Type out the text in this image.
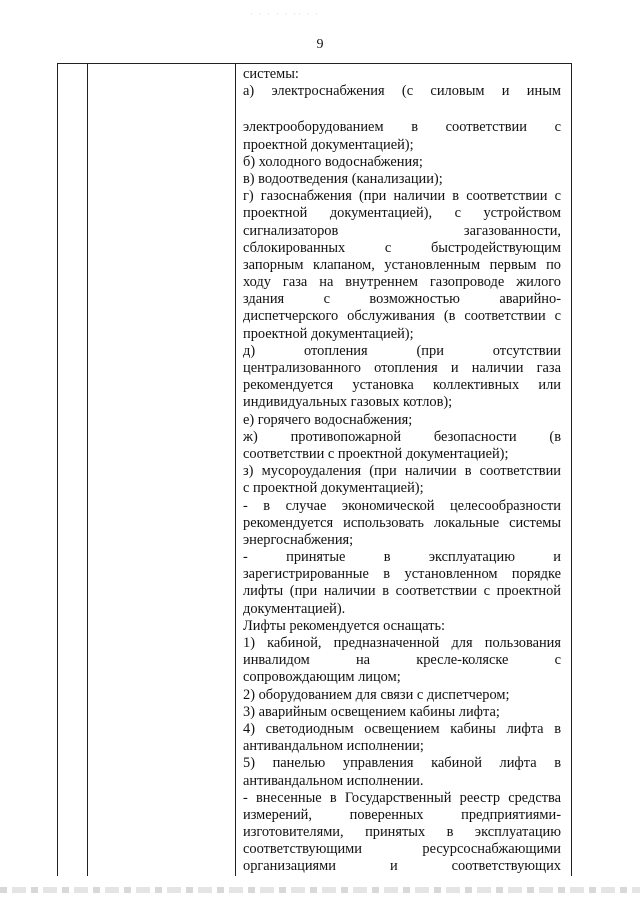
· · · · · ·· · ·
9
системы:
а) электроснабжения (с силовым и иным
электрооборудованием в соответствии с
проектной документацией);
б) холодного водоснабжения;
в) водоотведения (канализации);
г) газоснабжения (при наличии в соответствии с
проектной документацией), с устройством
сигнализаторов загазованности,
сблокированных с быстродействующим
запорным клапаном, установленным первым по
ходу газа на внутреннем газопроводе жилого
здания с возможностью аварийно-
диспетчерского обслуживания (в соответствии с
проектной документацией);
д) отопления (при отсутствии
централизованного отопления и наличии газа
рекомендуется установка коллективных или
индивидуальных газовых котлов);
е) горячего водоснабжения;
ж) противопожарной безопасности (в
соответствии с проектной документацией);
з) мусороудаления (при наличии в соответствии
с проектной документацией);
- в случае экономической целесообразности
рекомендуется использовать локальные системы
энергоснабжения;
- принятые в эксплуатацию и
зарегистрированные в установленном порядке
лифты (при наличии в соответствии с проектной
документацией).
Лифты рекомендуется оснащать:
1) кабиной, предназначенной для пользования
инвалидом на кресле-коляске с
сопровождающим лицом;
2) оборудованием для связи с диспетчером;
3) аварийным освещением кабины лифта;
4) светодиодным освещением кабины лифта в
антивандальном исполнении;
5) панелью управления кабиной лифта в
антивандальном исполнении.
- внесенные в Государственный реестр средства
измерений, поверенных предприятиями-
изготовителями, принятых в эксплуатацию
соответствующими ресурсоснабжающими
организациями и соответствующих
